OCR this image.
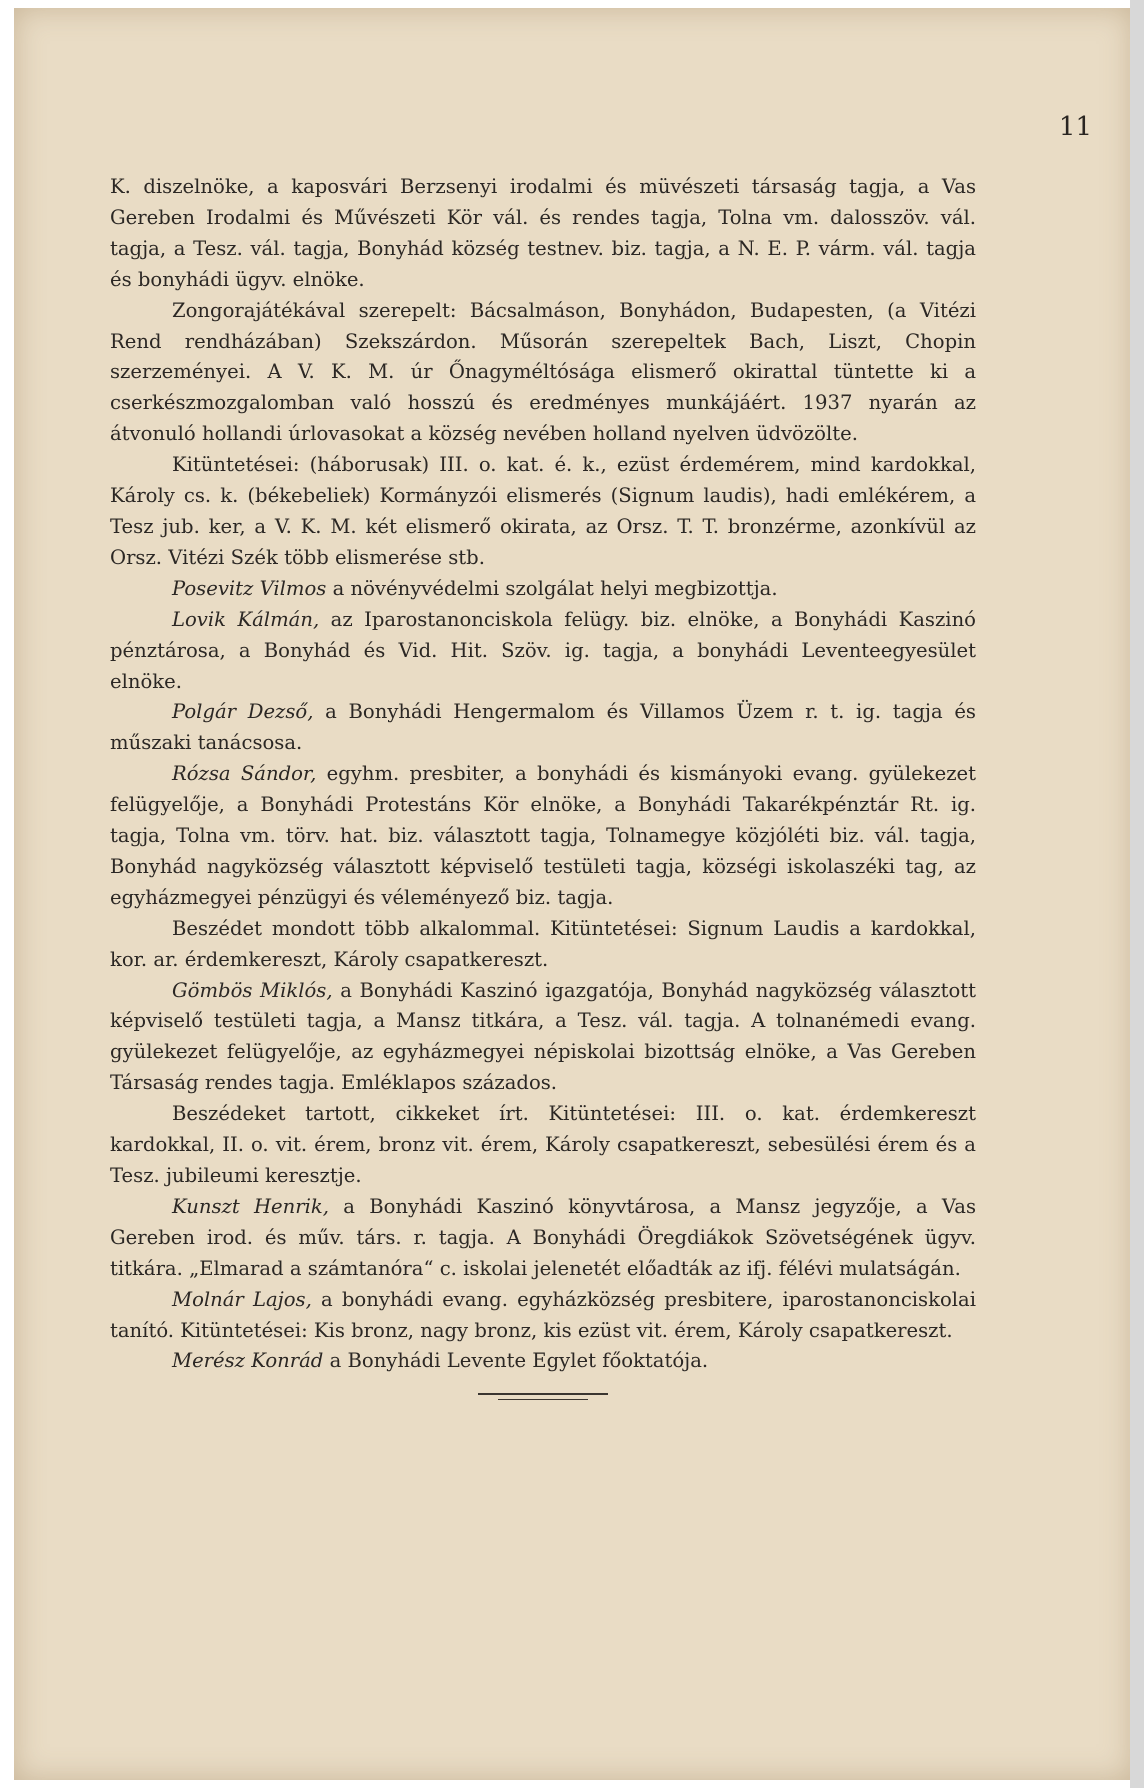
11

K. diszelnöke, a kaposvári Berzsenyi irodalmi és müvészeti társaság tagja, a Vas Gereben Irodalmi és Művészeti Kör vál. és rendes tagja, Tolna vm. dalosszöv. vál. tagja, a Tesz. vál. tagja, Bonyhád község testnev. biz. tagja, a N. E. P. várm. vál. tagja és bonyhádi ügyv. elnöke.

Zongorajátékával szerepelt: Bácsalmáson, Bonyhádon, Budapesten, (a Vitézi Rend rendházában) Szekszárdon. Műsorán szerepeltek Bach, Liszt, Chopin szerzeményei. A V. K. M. úr Őnagyméltósága elismerő okirattal tüntette ki a cserkészmozgalomban való hosszú és eredményes munkájáért. 1937 nyarán az átvonuló hollandi úrlovasokat a község nevében holland nyelven üdvözölte.

Kitüntetései: (háborusak) III. o. kat. é. k., ezüst érdemérem, mind kardokkal, Károly cs. k. (békebeliek) Kormányzói elismerés (Signum laudis), hadi emlékérem, a Tesz jub. ker, a V. K. M. két elismerő okirata, az Orsz. T. T. bronzérme, azonkívül az Orsz. Vitézi Szék több elismerése stb.

Posevitz Vilmos a növényvédelmi szolgálat helyi megbizottja.

Lovik Kálmán, az Iparostanonciskola felügy. biz. elnöke, a Bonyhádi Kaszinó pénztárosa, a Bonyhád és Vid. Hit. Szöv. ig. tagja, a bonyhádi Leventeegyesület elnöke.

Polgár Dezső, a Bonyhádi Hengermalom és Villamos Üzem r. t. ig. tagja és műszaki tanácsosa.

Rózsa Sándor, egyhm. presbiter, a bonyhádi és kismányoki evang. gyülekezet felügyelője, a Bonyhádi Protestáns Kör elnöke, a Bonyhádi Takarékpénztár Rt. ig. tagja, Tolna vm. törv. hat. biz. választott tagja, Tolnamegye közjóléti biz. vál. tagja, Bonyhád nagyközség választott képviselő testületi tagja, községi iskolaszéki tag, az egyházmegyei pénzügyi és véleményező biz. tagja.

Beszédet mondott több alkalommal. Kitüntetései: Signum Laudis a kardokkal, kor. ar. érdemkereszt, Károly csapatkereszt.

Gömbös Miklós, a Bonyhádi Kaszinó igazgatója, Bonyhád nagyközség választott képviselő testületi tagja, a Mansz titkára, a Tesz. vál. tagja. A tolnanémedi evang. gyülekezet felügyelője, az egyházmegyei népiskolai bizottság elnöke, a Vas Gereben Társaság rendes tagja. Emléklapos százados.

Beszédeket tartott, cikkeket írt. Kitüntetései: III. o. kat. érdemkereszt kardokkal, II. o. vit. érem, bronz vit. érem, Károly csapatkereszt, sebesülési érem és a Tesz. jubileumi keresztje.

Kunszt Henrik, a Bonyhádi Kaszinó könyvtárosa, a Mansz jegyzője, a Vas Gereben irod. és műv. társ. r. tagja. A Bonyhádi Öregdiákok Szövetségének ügyv. titkára. „Elmarad a számtanóra“ c. iskolai jelenetét előadták az ifj. félévi mulatságán.

Molnár Lajos, a bonyhádi evang. egyházközség presbitere, iparostanonciskolai tanító. Kitüntetései: Kis bronz, nagy bronz, kis ezüst vit. érem, Károly csapatkereszt.

Merész Konrád a Bonyhádi Levente Egylet főoktatója.
